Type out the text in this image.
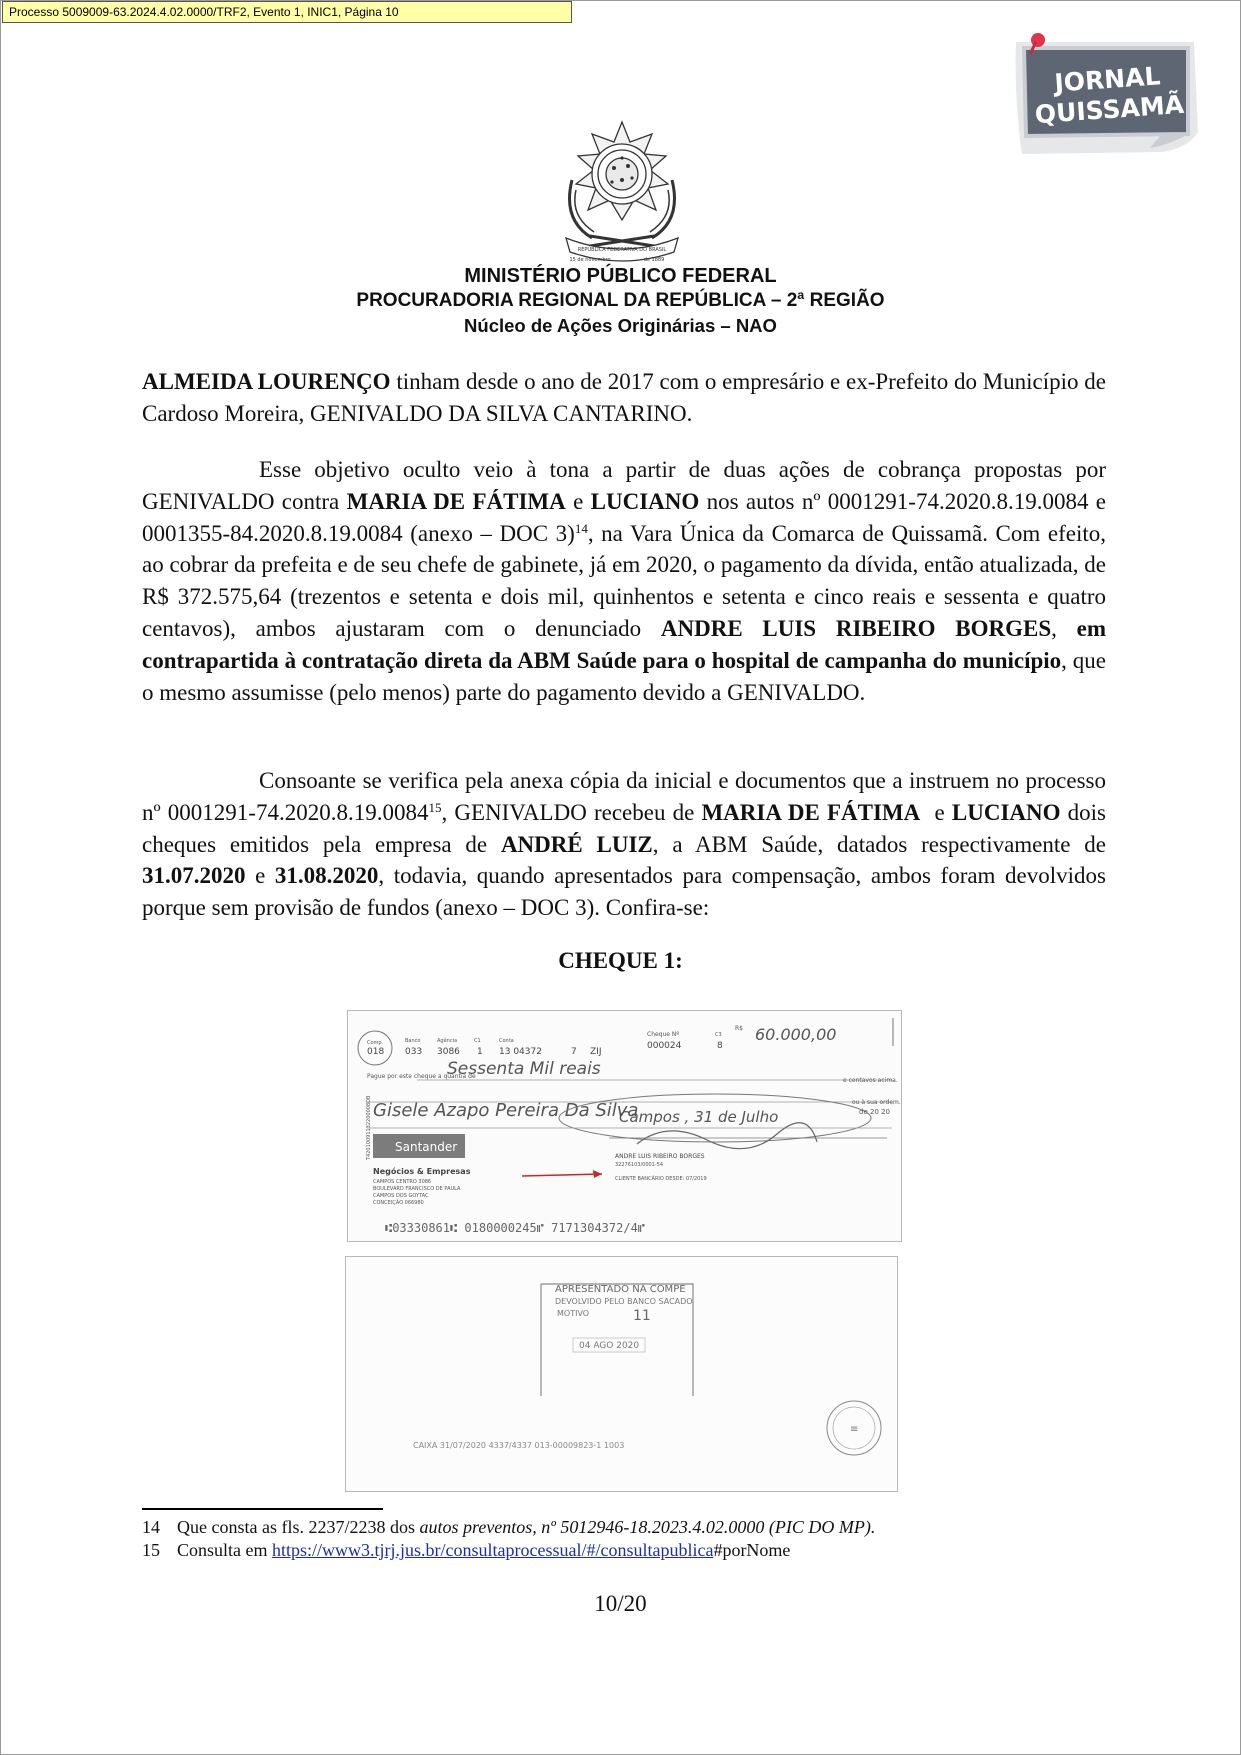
Processo 5009009-63.2024.4.02.0000/TRF2, Evento 1, INIC1, Página 10
JORNAL
QUISSAMÃ
REPÚBLICA FEDERATIVA DO BRASIL
15 de novembro	de 1889
MINISTÉRIO PÚBLICO FEDERAL
PROCURADORIA REGIONAL DA REPÚBLICA – 2ª REGIÃO
Núcleo de Ações Originárias – NAO
ALMEIDA LOURENÇO tinham desde o ano de 2017 com o empresário e ex-Prefeito do Município de Cardoso Moreira, GENIVALDO DA SILVA CANTARINO.
Esse objetivo oculto veio à tona a partir de duas ações de cobrança propostas por GENIVALDO contra MARIA DE FÁTIMA e LUCIANO nos autos nº 0001291-74.2020.8.19.0084 e 0001355-84.2020.8.19.0084 (anexo – DOC 3)$^{14}$, na Vara Única da Comarca de Quissamã. Com efeito, ao cobrar da prefeita e de seu chefe de gabinete, já em 2020, o pagamento da dívida, então atualizada, de R$ 372.575,64 (trezentos e setenta e dois mil, quinhentos e setenta e cinco reais e sessenta e quatro centavos), ambos ajustaram com o denunciado ANDRE LUIS RIBEIRO BORGES, em contrapartida à contratação direta da ABM Saúde para o hospital de campanha do município, que o mesmo assumisse (pelo menos) parte do pagamento devido a GENIVALDO.
Consoante se verifica pela anexa cópia da inicial e documentos que a instruem no processo nº 0001291-74.2020.8.19.0084$^{15}$, GENIVALDO recebeu de MARIA DE FÁTIMA  e LUCIANO dois cheques emitidos pela empresa de ANDRÉ LUIZ, a ABM Saúde, datados respectivamente de 31.07.2020 e 31.08.2020, todavia, quando apresentados para compensação, ambos foram devolvidos porque sem provisão de fundos (anexo – DOC 3). Confira-se:
CHEQUE 1:
Comp.
018
Banco
033
Agência
3086
C1
1
Conta
13 04372	7 ZIJ
Cheque Nº
000024
C3
8
R$ 60.000,00
Pague por este cheque a quantia de
Sessenta Mil reais
e centavos acima.
Gisele Azapo Pereira Da Silva	ou à sua ordem.
Campos , 31 de Julho	de 20 20
T42010091132200008DB Santander
Negócios & Empresas
CAMPOS CENTRO 3086
BOULEVARD FRANCISCO DE PAULA
CAMPOS DOS GOYTAC
CONCEIÇÃO 066980
ANDRE LUIS RIBEIRO BORGES
32276103/0001-54
CLIENTE BANCÁRIO DESDE: 07/2019
⑆03330861⑆ 0180000245⑈ 7171304372/4⑈
APRESENTADO NA COMPE
DEVOLVIDO PELO BANCO SACADO
MOTIVO	11
04 AGO 2020
≡
CAIXA 31/07/2020 4337/4337 013-00009823-1 1003
14 Que consta as fls. 2237/2238 dos autos preventos, nº 5012946-18.2023.4.02.0000 (PIC DO MP).
15 Consulta em https://www3.tjrj.jus.br/consultaprocessual/#/consultapublica#porNome
10/20
